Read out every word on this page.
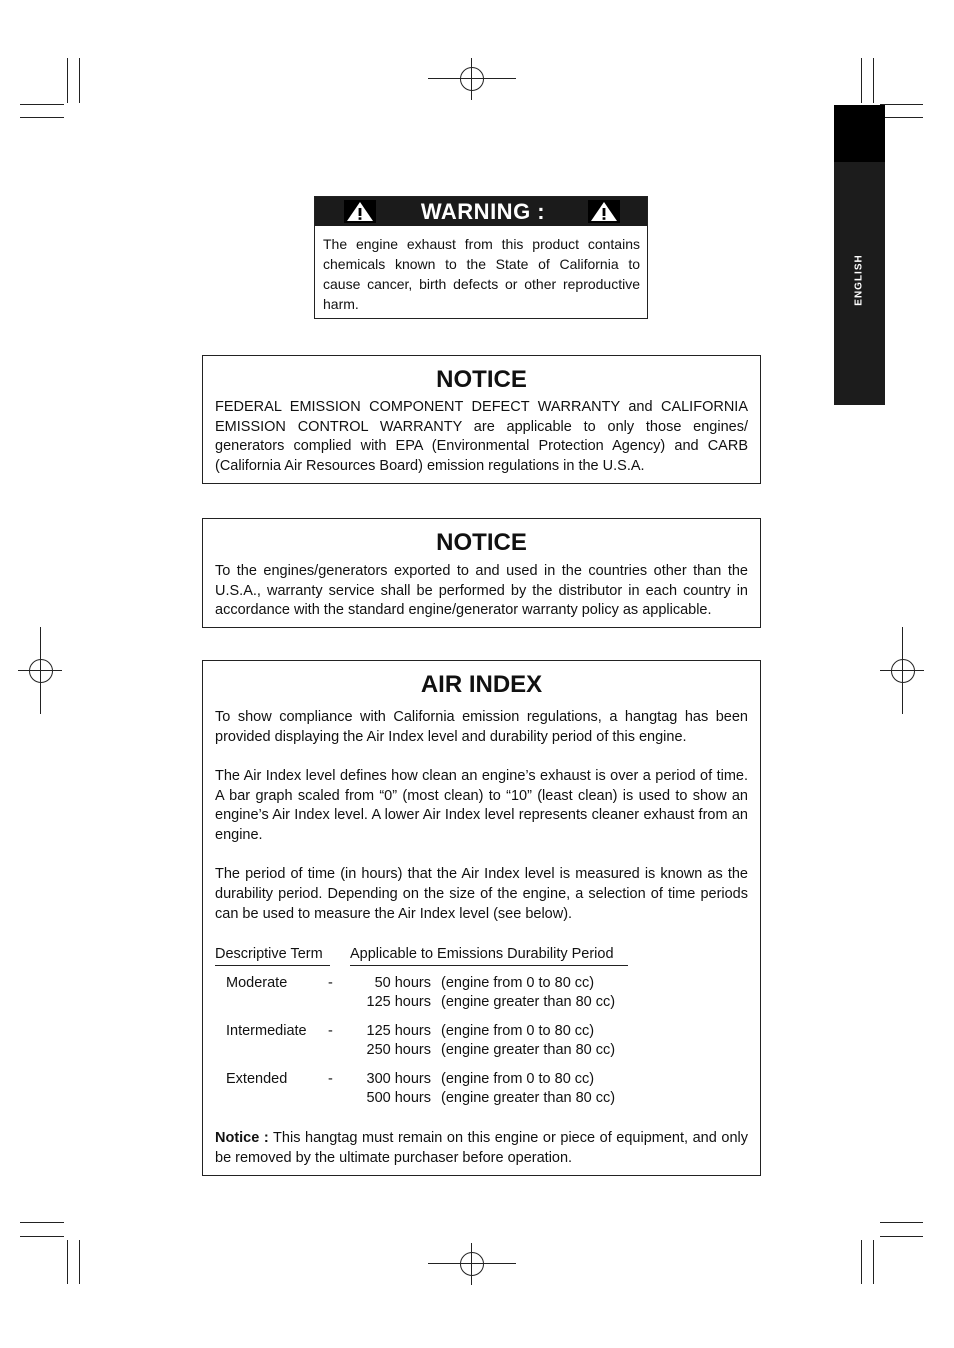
ENGLISH
WARNING :
The engine exhaust from this product contains chemicals known to the State of California to cause cancer, birth defects or other reproductive harm.
NOTICE
FEDERAL EMISSION COMPONENT DEFECT WARRANTY and CALIFORNIA EMISSION CONTROL WARRANTY are applicable to only those engines/ generators complied with EPA (Environmental Protection Agency) and CARB (California Air Resources Board) emission regulations in the U.S.A.
NOTICE
To the engines/generators exported to and used in the countries other than the U.S.A., warranty service shall be performed by the distributor in each country in accordance with the standard engine/generator warranty policy as applicable.
AIR INDEX

To show compliance with California emission regulations, a hangtag has been provided displaying the Air Index level and durability period of this engine.

The Air Index level defines how clean an engine’s exhaust is over a period of time. A bar graph scaled from “0” (most clean) to “10” (least clean) is used to show an engine’s Air Index level. A lower Air Index level represents cleaner exhaust from an engine.

The period of time (in hours) that the Air Index level is measured is known as the durability period. Depending on the size of the engine, a selection of time periods can be used to measure the Air Index level (see below).

Descriptive Term Applicable to Emissions Durability Period
Moderate	-	50 hours (engine from 0 to 80 cc)
125 hours (engine greater than 80 cc)
Intermediate -	125 hours (engine from 0 to 80 cc)
250 hours (engine greater than 80 cc)
Extended	-	300 hours (engine from 0 to 80 cc)
500 hours (engine greater than 80 cc)
Notice : This hangtag must remain on this engine or piece of equipment, and only be removed by the ultimate purchaser before operation.
